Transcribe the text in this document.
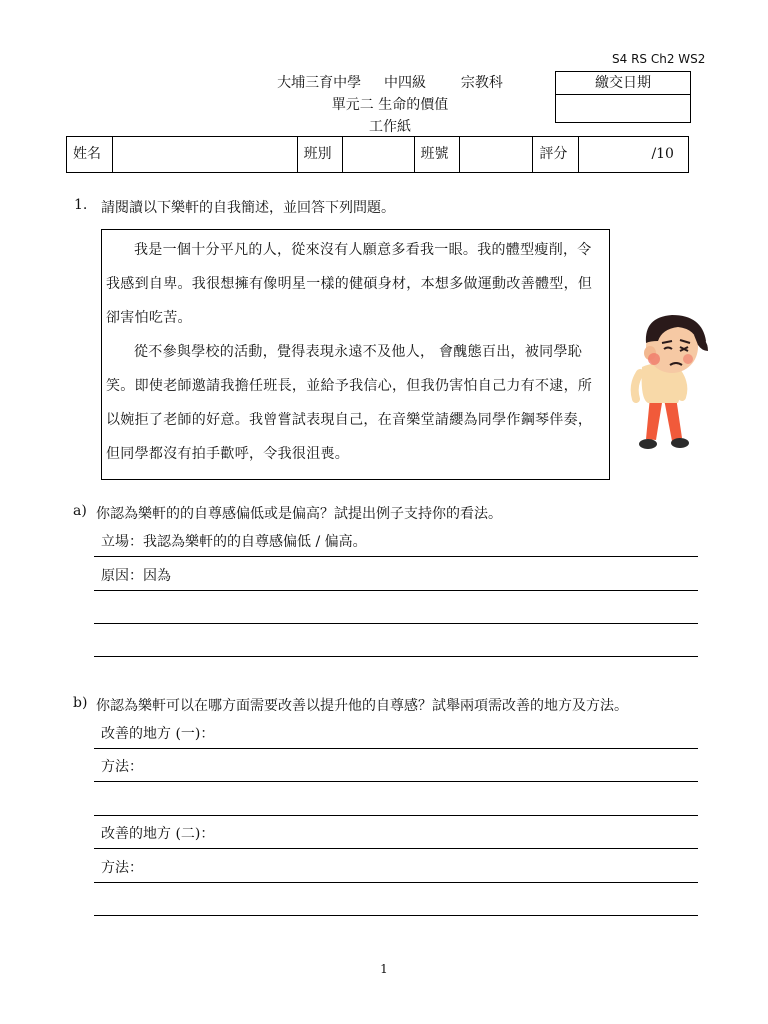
S4 RS Ch2 WS2
大埔三育中學 中四級 宗教科
單元二 生命的價值
工作紙
繳交日期
姓名	班別	班號	評分	/10
1. 請閱讀以下樂軒的自我簡述，並回答下列問題。

我是一個十分平凡的人，從來沒有人願意多看我一眼。我的體型瘦削，令我感到自卑。我很想擁有像明星一樣的健碩身材，本想多做運動改善體型，但卻害怕吃苦。

從不參與學校的活動，覺得表現永遠不及他人， 會醜態百出，被同學恥笑。即使老師邀請我擔任班長，並給予我信心，但我仍害怕自己力有不逮，所以婉拒了老師的好意。我曾嘗試表現自己，在音樂堂請纓為同學作鋼琴伴奏，但同學都沒有拍手歡呼，令我很沮喪。

a) 你認為樂軒的的自尊感偏低或是偏高？試提出例子支持你的看法。
立場：我認為樂軒的的自尊感偏低 / 偏高。
原因：因為
b) 你認為樂軒可以在哪方面需要改善以提升他的自尊感？試舉兩項需改善的地方及方法。
改善的地方 (一)：
方法：
改善的地方 (二)：
方法：
1
